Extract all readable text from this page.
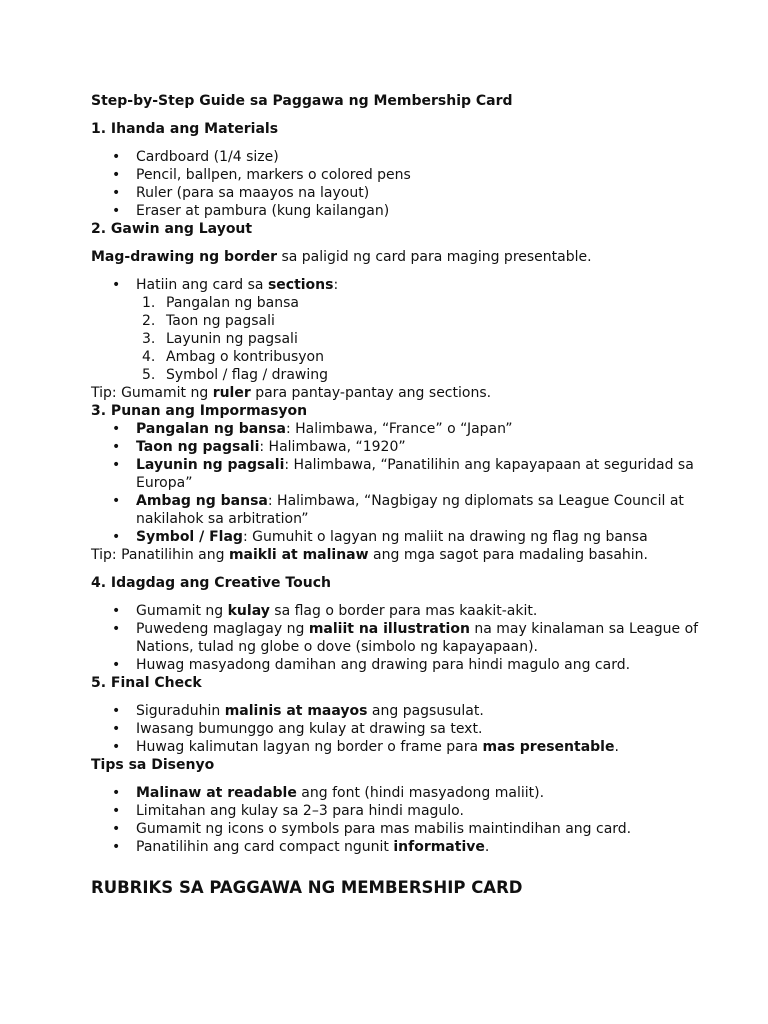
Step-by-Step Guide sa Paggawa ng Membership Card

1. Ihanda ang Materials

• Cardboard (1/4 size)
• Pencil, ballpen, markers o colored pens
• Ruler (para sa maayos na layout)
• Eraser at pambura (kung kailangan)

2. Gawin ang Layout

Mag-drawing ng border sa paligid ng card para maging presentable.

• Hatiin ang card sa sections:
1. Pangalan ng bansa
2. Taon ng pagsali
3. Layunin ng pagsali
4. Ambag o kontribusyon
5. Symbol / flag / drawing

Tip: Gumamit ng ruler para pantay-pantay ang sections.

3. Punan ang Impormasyon

• Pangalan ng bansa: Halimbawa, “France” o “Japan”
• Taon ng pagsali: Halimbawa, “1920”
• Layunin ng pagsali: Halimbawa, “Panatilihin ang kapayapaan at seguridad sa Europa”
• Ambag ng bansa: Halimbawa, “Nagbigay ng diplomats sa League Council at nakilahok sa arbitration”
• Symbol / Flag: Gumuhit o lagyan ng maliit na drawing ng flag ng bansa

Tip: Panatilihin ang maikli at malinaw ang mga sagot para madaling basahin.

4. Idagdag ang Creative Touch

• Gumamit ng kulay sa flag o border para mas kaakit-akit.
• Puwedeng maglagay ng maliit na illustration na may kinalaman sa League of Nations, tulad ng globe o dove (simbolo ng kapayapaan).
• Huwag masyadong damihan ang drawing para hindi magulo ang card.

5. Final Check

• Siguraduhin malinis at maayos ang pagsusulat.
• Iwasang bumunggo ang kulay at drawing sa text.
• Huwag kalimutan lagyan ng border o frame para mas presentable.

Tips sa Disenyo

• Malinaw at readable ang font (hindi masyadong maliit).
• Limitahan ang kulay sa 2–3 para hindi magulo.
• Gumamit ng icons o symbols para mas mabilis maintindihan ang card.
• Panatilihin ang card compact ngunit informative.

RUBRIKS SA PAGGAWA NG MEMBERSHIP CARD
